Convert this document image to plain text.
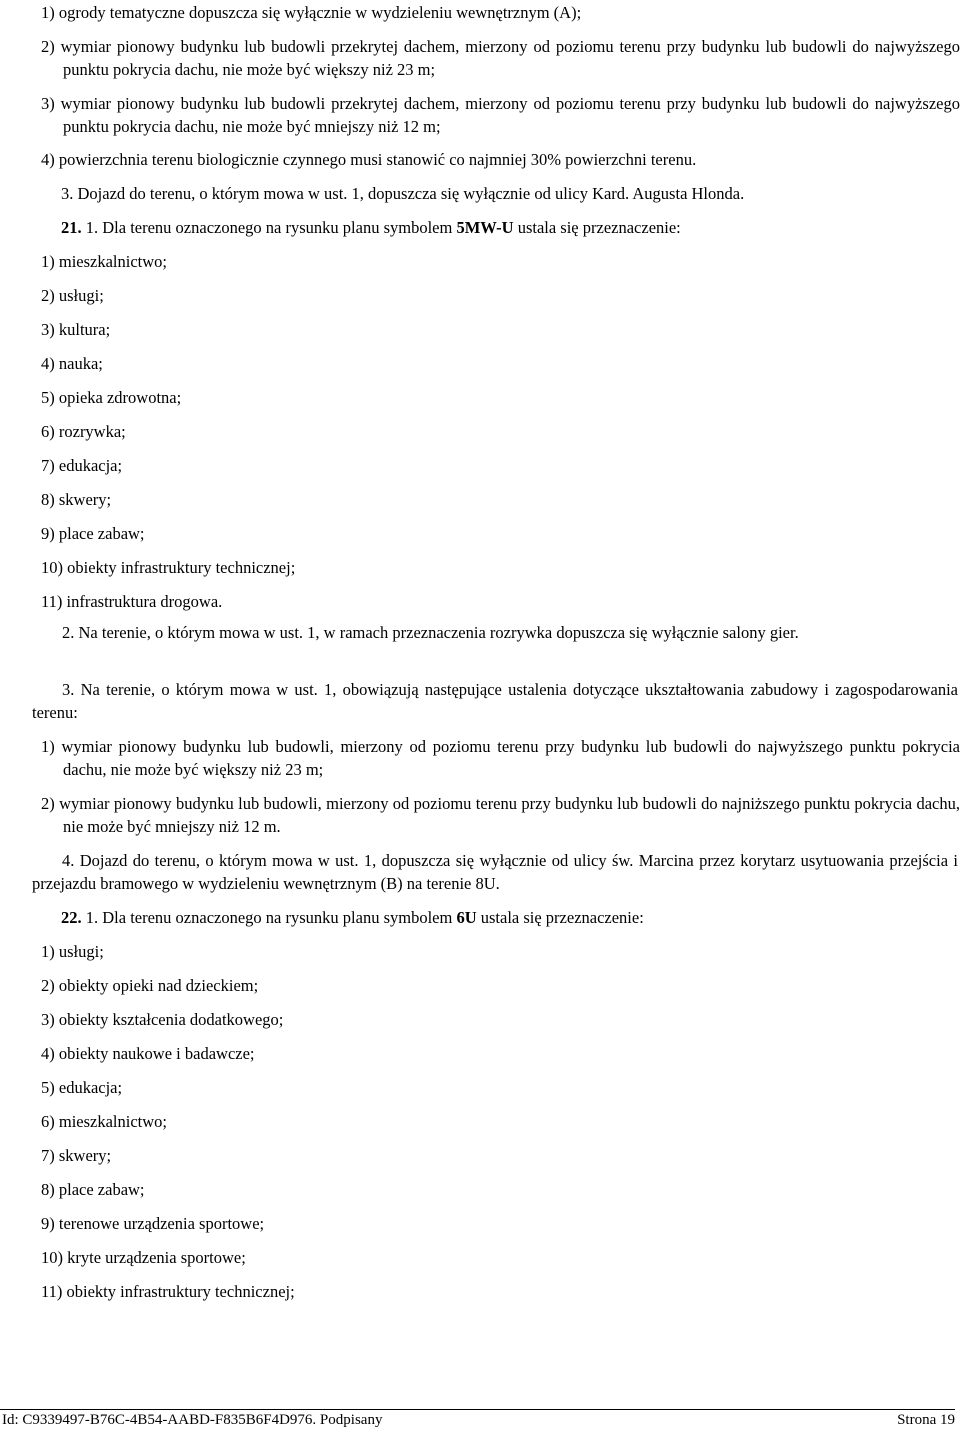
1) ogrody tematyczne dopuszcza się wyłącznie w wydzieleniu wewnętrznym (A);

2) wymiar pionowy budynku lub budowli przekrytej dachem, mierzony od poziomu terenu przy budynku lub budowli do najwyższego punktu pokrycia dachu, nie może być większy niż 23 m;

3) wymiar pionowy budynku lub budowli przekrytej dachem, mierzony od poziomu terenu przy budynku lub budowli do najwyższego punktu pokrycia dachu, nie może być mniejszy niż 12 m;

4) powierzchnia terenu biologicznie czynnego musi stanowić co najmniej 30% powierzchni terenu.

3. Dojazd do terenu, o którym mowa w ust. 1, dopuszcza się wyłącznie od ulicy Kard. Augusta Hlonda.

21. 1. Dla terenu oznaczonego na rysunku planu symbolem 5MW-U ustala się przeznaczenie:

1) mieszkalnictwo;

2) usługi;

3) kultura;

4) nauka;

5) opieka zdrowotna;

6) rozrywka;

7) edukacja;

8) skwery;

9) place zabaw;

10) obiekty infrastruktury technicznej;

11) infrastruktura drogowa.

2. Na terenie, o którym mowa w ust. 1, w ramach przeznaczenia rozrywka dopuszcza się wyłącznie salony gier.

3. Na terenie, o którym mowa w ust. 1, obowiązują następujące ustalenia dotyczące ukształtowania zabudowy i zagospodarowania terenu:

1) wymiar pionowy budynku lub budowli, mierzony od poziomu terenu przy budynku lub budowli do najwyższego punktu pokrycia dachu, nie może być większy niż 23 m;

2) wymiar pionowy budynku lub budowli, mierzony od poziomu terenu przy budynku lub budowli do najniższego punktu pokrycia dachu, nie może być mniejszy niż 12 m.

4. Dojazd do terenu, o którym mowa w ust. 1, dopuszcza się wyłącznie od ulicy św. Marcina przez korytarz usytuowania przejścia i przejazdu bramowego w wydzieleniu wewnętrznym (B) na terenie 8U.

22. 1. Dla terenu oznaczonego na rysunku planu symbolem 6U ustala się przeznaczenie:

1) usługi;

2) obiekty opieki nad dzieckiem;

3) obiekty kształcenia dodatkowego;

4) obiekty naukowe i badawcze;

5) edukacja;

6) mieszkalnictwo;

7) skwery;

8) place zabaw;

9) terenowe urządzenia sportowe;

10) kryte urządzenia sportowe;

11) obiekty infrastruktury technicznej;

Id: C9339497-B76C-4B54-AABD-F835B6F4D976. Podpisany	Strona 19
